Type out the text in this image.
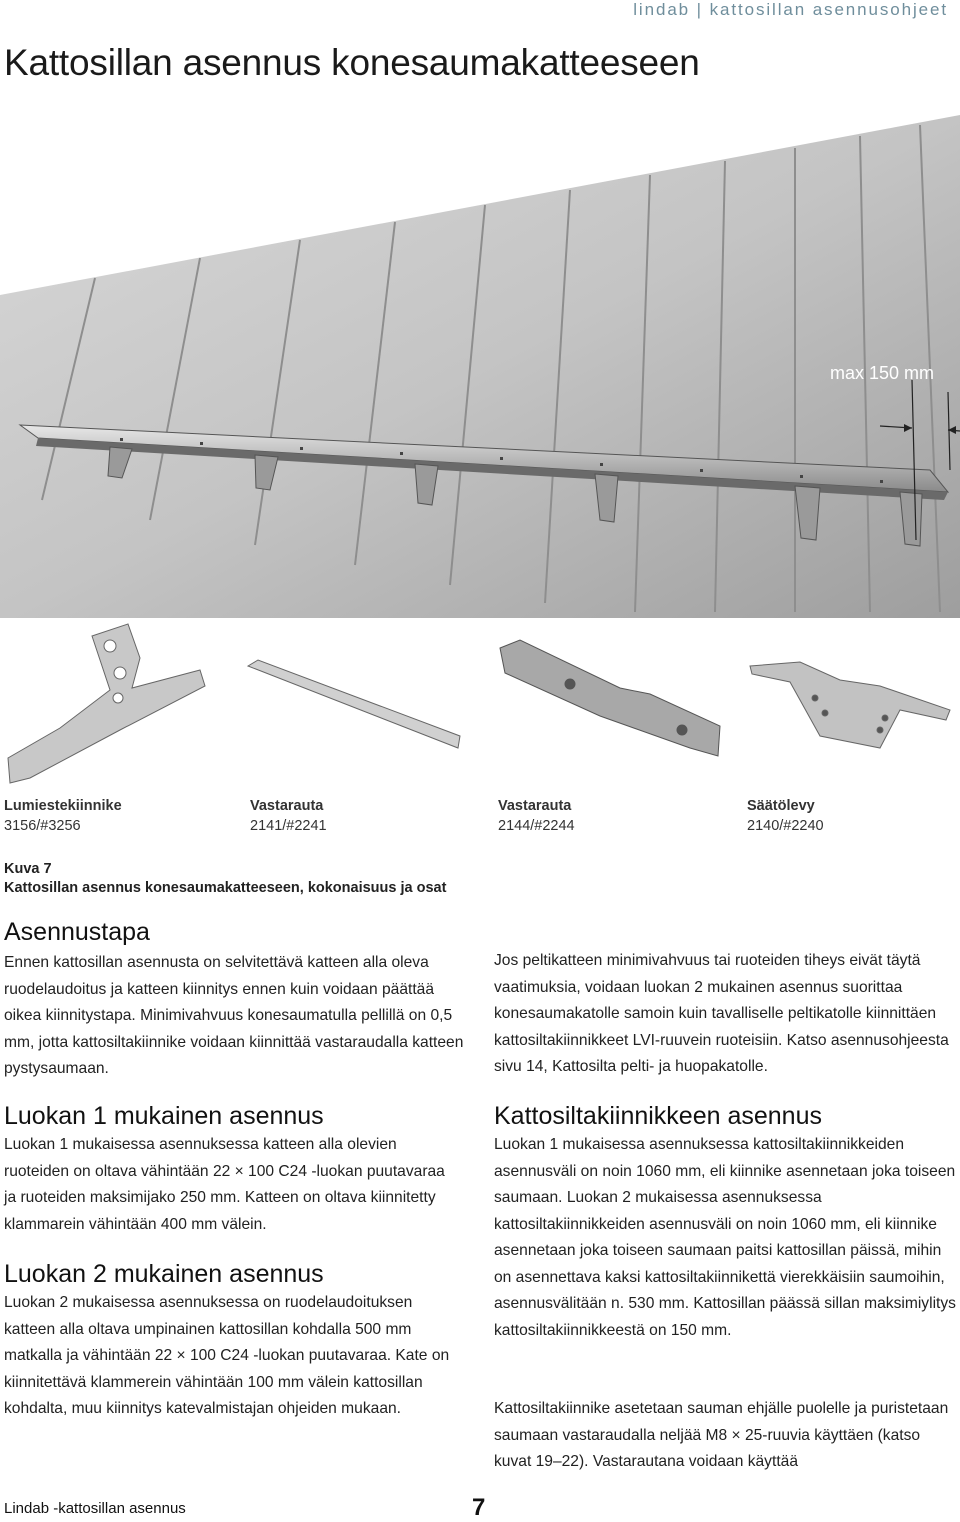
lindab | kattosillan asennusohjeet
Kattosillan asennus konesaumakatteeseen
max 150 mm
Lumiestekiinnike
3156/#3256
Vastarauta
2141/#2241
Vastarauta
2144/#2244
Säätölevy
2140/#2240
Kuva 7
Kattosillan asennus konesaumakatteeseen, kokonaisuus ja osat
Asennustapa

Ennen kattosillan asennusta on selvitettävä katteen alla oleva ruodelaudoitus ja katteen kiinnitys ennen kuin voidaan päättää oikea kiinnitystapa. Minimivahvuus konesaumatulla pellillä on 0,5 mm, jotta kattosiltakiinnike voidaan kiinnittää vastaraudalla katteen pystysaumaan.

Luokan 1 mukainen asennus

Luokan 1 mukaisessa asennuksessa katteen alla olevien ruoteiden on oltava vähintään 22 × 100 C24 -luokan puutavaraa ja ruoteiden maksimijako 250 mm. Katteen on oltava kiinnitetty klammarein vähintään 400 mm välein.

Luokan 2 mukainen asennus

Luokan 2 mukaisessa asennuksessa on ruodelaudoituksen katteen alla oltava umpinainen kattosillan kohdalla 500 mm matkalla ja vähintään 22 × 100 C24 -luokan puutavaraa. Kate on kiinnitettävä klammerein vähintään 100 mm välein kattosillan kohdalta, muu kiinnitys katevalmistajan ohjeiden mukaan.

Jos peltikatteen minimivahvuus tai ruoteiden tiheys eivät täytä vaatimuksia, voidaan luokan 2 mukainen asennus suorittaa konesaumakatolle samoin kuin tavalliselle peltikatolle kiinnittäen kattosiltakiinnikkeet LVI-ruuvein ruoteisiin. Katso asennusohjeesta sivu 14, Kattosilta pelti- ja huopakatolle.

Kattosiltakiinnikkeen asennus

Luokan 1 mukaisessa asennuksessa kattosiltakiinnikkeiden asennusväli on noin 1060 mm, eli kiinnike asennetaan joka toiseen saumaan. Luokan 2 mukaisessa asennuksessa kattosiltakiinnikkeiden asennusväli on noin 1060 mm, eli kiinnike asennetaan joka toiseen saumaan paitsi kattosillan päissä, mihin on asennettava kaksi kattosiltakiinnikettä vierekkäisiin saumoihin, asennusvälitään n. 530 mm. Kattosillan päässä sillan maksimiylitys kattosiltakiinnikkeestä on 150 mm.

Kattosiltakiinnike asetetaan sauman ehjälle puolelle ja puristetaan saumaan vastaraudalla neljää M8 × 25-ruuvia käyttäen (katso kuvat 19–22). Vastarautana voidaan käyttää

Lindab -kattosillan asennus	7
